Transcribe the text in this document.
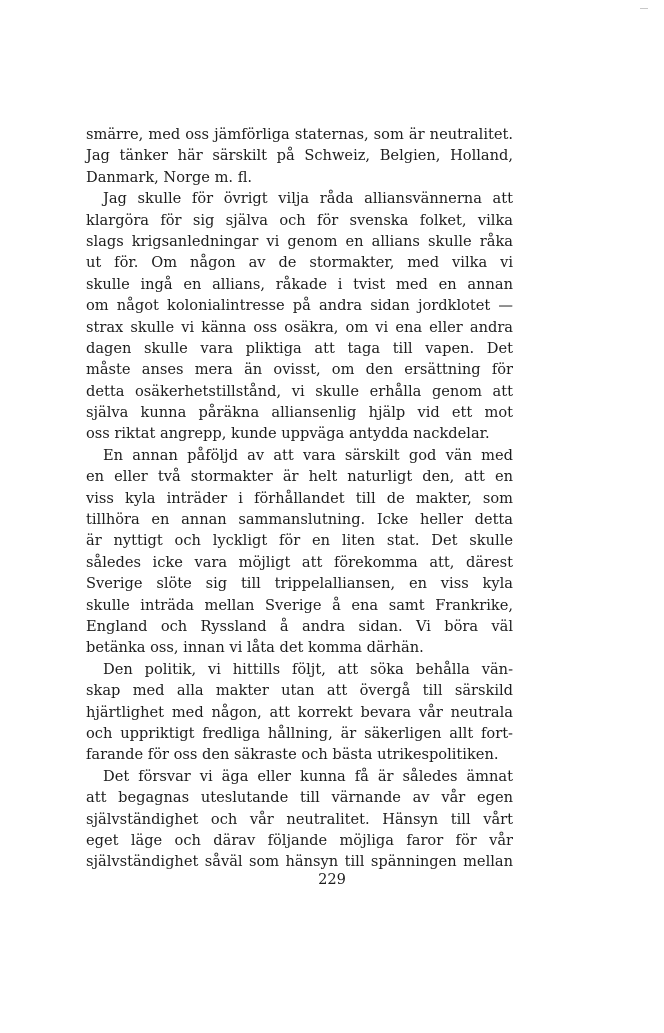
smärre, med oss jämförliga staternas, som är neutralitet.
Jag tänker här särskilt på Schweiz, Belgien, Holland,
Danmark, Norge m. fl.
Jag skulle för övrigt vilja råda alliansvännerna att
klargöra för sig själva och för svenska folket, vilka
slags krigsanledningar vi genom en allians skulle råka
ut för. Om någon av de stormakter, med vilka vi
skulle ingå en allians, råkade i tvist med en annan
om något kolonialintresse på andra sidan jordklotet —
strax skulle vi känna oss osäkra, om vi ena eller andra
dagen skulle vara pliktiga att taga till vapen. Det
måste anses mera än ovisst, om den ersättning för
detta osäkerhetstillstånd, vi skulle erhålla genom att
själva kunna påräkna alliansenlig hjälp vid ett mot
oss riktat angrepp, kunde uppväga antydda nackdelar.
En annan påföljd av att vara särskilt god vän med
en eller två stormakter är helt naturligt den, att en
viss kyla inträder i förhållandet till de makter, som
tillhöra en annan sammanslutning. Icke heller detta
är nyttigt och lyckligt för en liten stat. Det skulle
således icke vara möjligt att förekomma att, därest
Sverige slöte sig till trippelalliansen, en viss kyla
skulle inträda mellan Sverige å ena samt Frankrike,
England och Ryssland å andra sidan. Vi böra väl
betänka oss, innan vi låta det komma därhän.
Den politik, vi hittills följt, att söka behålla vän-
skap med alla makter utan att övergå till särskild
hjärtlighet med någon, att korrekt bevara vår neutrala
och uppriktigt fredliga hållning, är säkerligen allt fort-
farande för oss den säkraste och bästa utrikespolitiken.
Det försvar vi äga eller kunna få är således ämnat
att begagnas uteslutande till värnande av vår egen
självständighet och vår neutralitet. Hänsyn till vårt
eget läge och därav följande möjliga faror för vår
självständighet såväl som hänsyn till spänningen mellan
229
